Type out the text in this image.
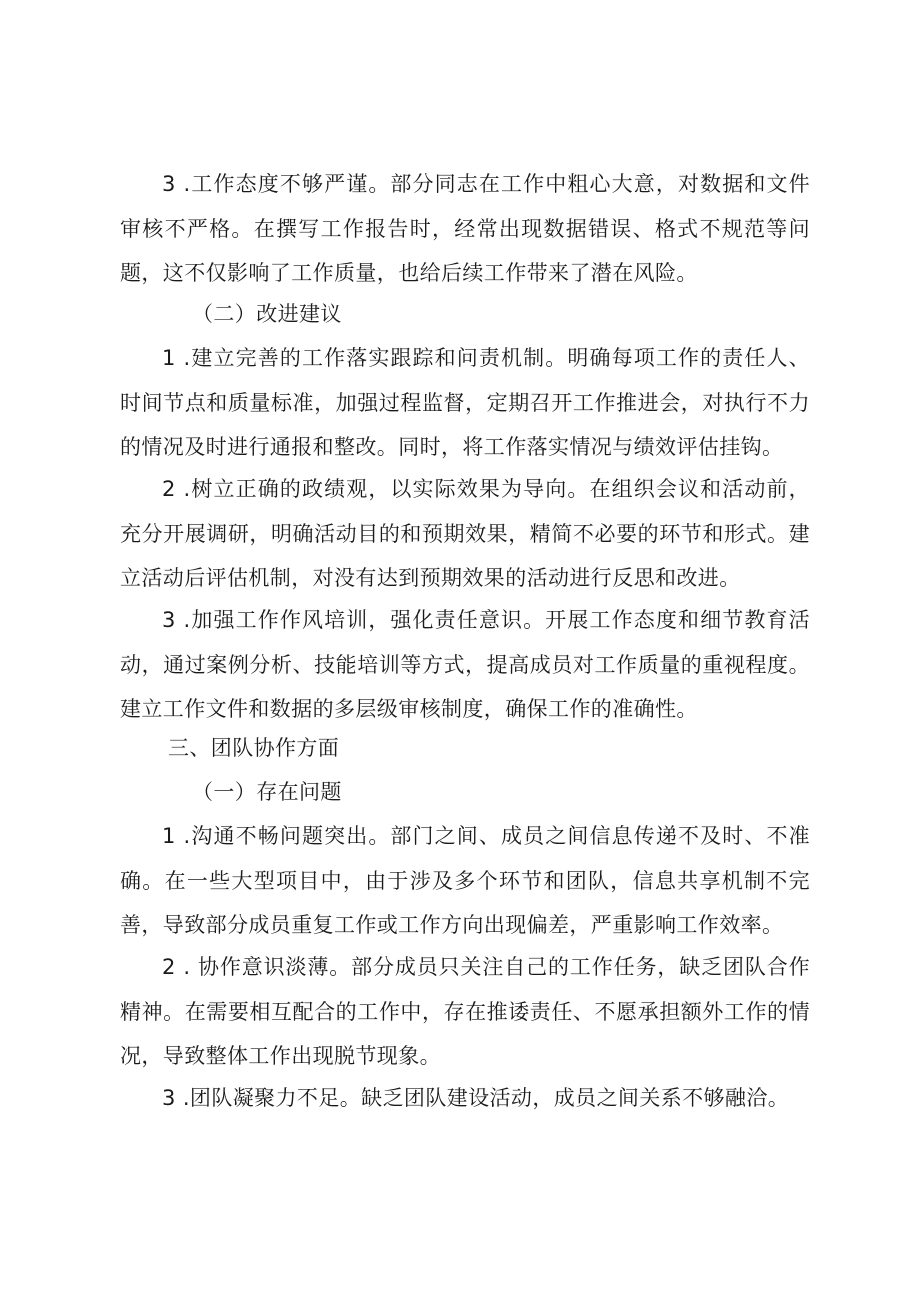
3 .工作态度不够严谨。部分同志在工作中粗心大意，对数据和文件审核不严格。在撰写工作报告时，经常出现数据错误、格式不规范等问题，这不仅影响了工作质量，也给后续工作带来了潜在风险。

（二）改进建议

1 .建立完善的工作落实跟踪和问责机制。明确每项工作的责任人、时间节点和质量标准，加强过程监督，定期召开工作推进会，对执行不力的情况及时进行通报和整改。同时，将工作落实情况与绩效评估挂钩。

2 .树立正确的政绩观，以实际效果为导向。在组织会议和活动前，充分开展调研，明确活动目的和预期效果，精简不必要的环节和形式。建立活动后评估机制，对没有达到预期效果的活动进行反思和改进。

3 .加强工作作风培训，强化责任意识。开展工作态度和细节教育活动，通过案例分析、技能培训等方式，提高成员对工作质量的重视程度。建立工作文件和数据的多层级审核制度，确保工作的准确性。

三、团队协作方面

（一）存在问题

1 .沟通不畅问题突出。部门之间、成员之间信息传递不及时、不准确。在一些大型项目中，由于涉及多个环节和团队，信息共享机制不完善，导致部分成员重复工作或工作方向出现偏差，严重影响工作效率。

2 . 协作意识淡薄。部分成员只关注自己的工作任务，缺乏团队合作精神。在需要相互配合的工作中，存在推诿责任、不愿承担额外工作的情况，导致整体工作出现脱节现象。

3 .团队凝聚力不足。缺乏团队建设活动，成员之间关系不够融洽。
